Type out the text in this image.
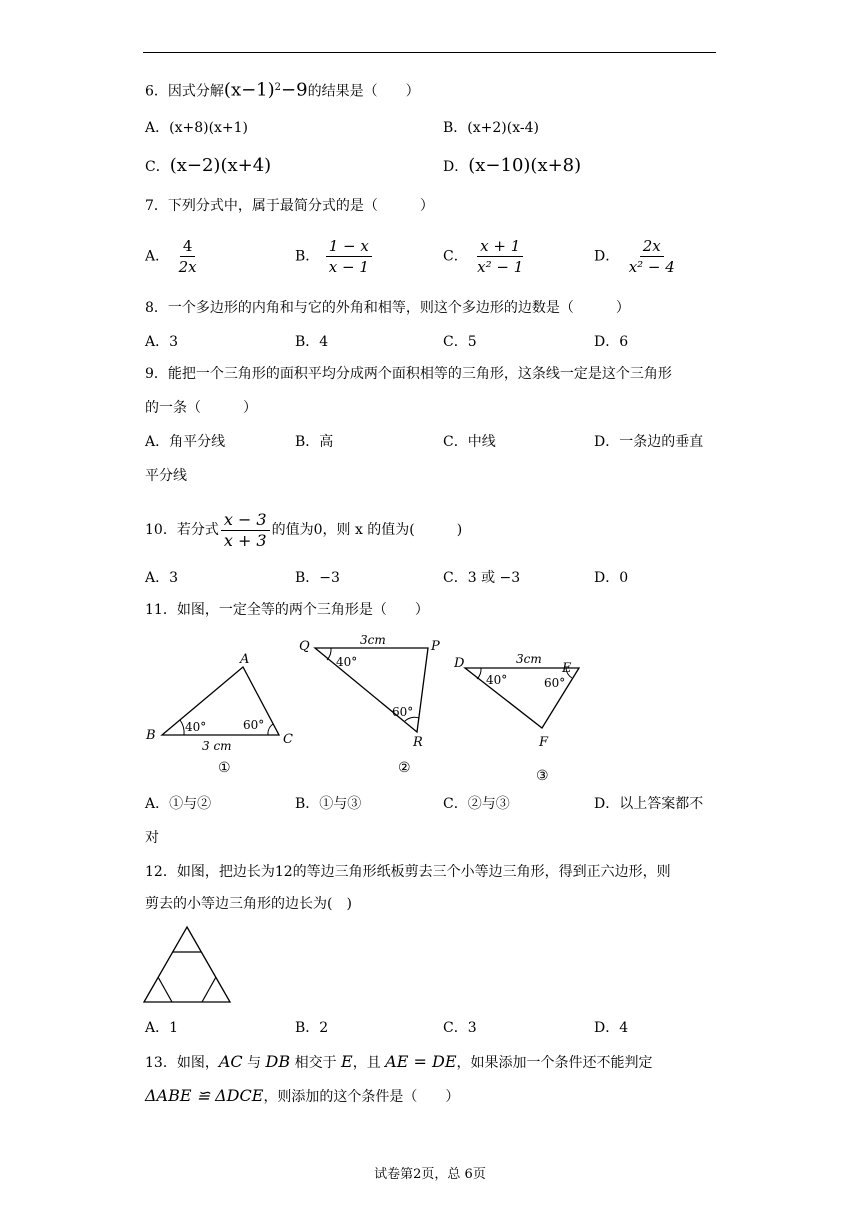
6．因式分解$(x-1)^2-9$的结果是（　　）
A．(x+8)(x+1)	B．(x+2)(x-4)
C．(x−2)(x+4)	D．(x−10)(x+8)
7．下列分式中，属于最简分式的是（　　　）
A． $\frac{4}{2x}$	B． $\frac{1 - x}{x - 1}$	C． $\frac{x + 1}{\text{x² − 1}}$	D． $\frac{2x}{\text{x² − 4}}$
8．一个多边形的内角和与它的外角和相等，则这个多边形的边数是（　　　）
A．3	B．4	C．5	D．6
9．能把一个三角形的面积平均分成两个面积相等的三角形，这条线一定是这个三角形
的一条（　　　）
A．角平分线	B．高	C．中线	D．一条边的垂直
平分线
10．若分式 $\frac{x - 3}{x + 3}$ 的值为0，则 x 的值为(　　　)
A．3	B．−3	C．3 或 −3	D．0
11．如图，一定全等的两个三角形是（　　）
A
B	C
40°	60°
3 cm
①
Q	P
R
40°
60°
3cm
②
D	E
F
40°	60°
3cm
③
A．①与②	B．①与③	C．②与③	D．以上答案都不
对
12．如图，把边长为12的等边三角形纸板剪去三个小等边三角形，得到正六边形，则
剪去的小等边三角形的边长为(　)
A．1	B．2	C．3	D．4
13．如图，AC 与 DB 相交于 E，且 AE = DE，如果添加一个条件还不能判定
ΔABE ≌ ΔDCE，则添加的这个条件是（　　）
试卷第2页，总 6页
